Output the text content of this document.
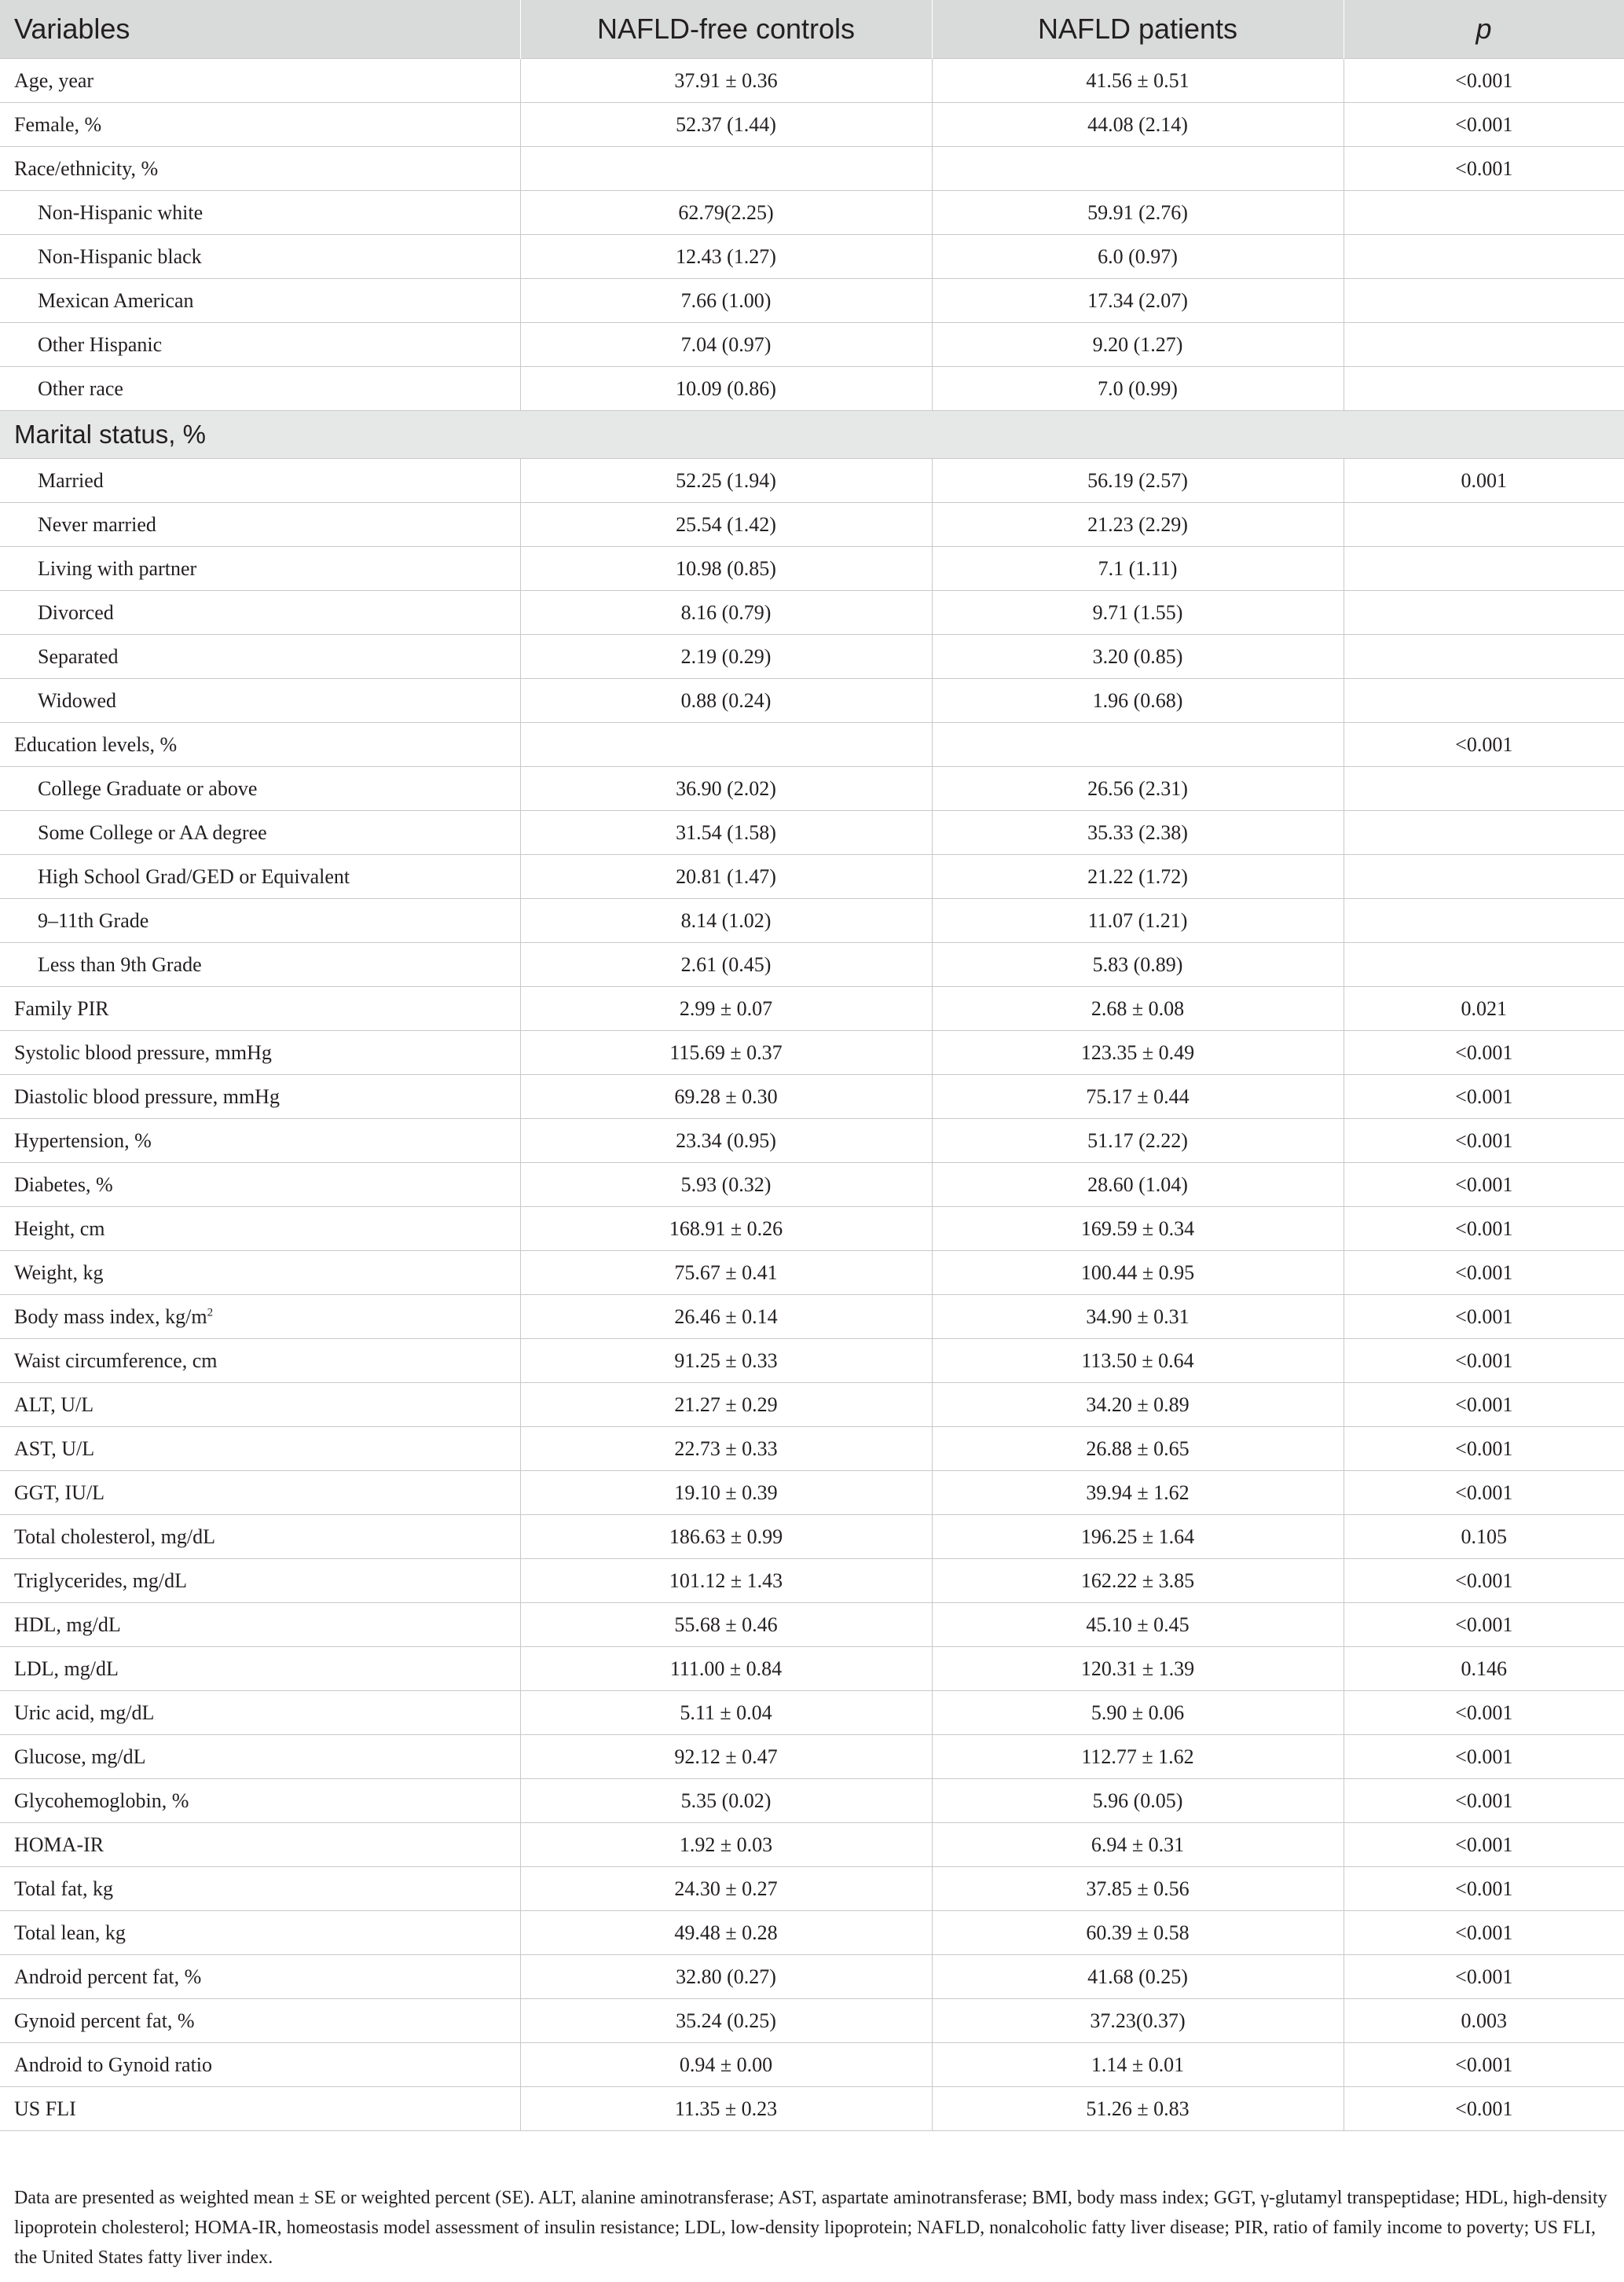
Variables	NAFLD-free controls	NAFLD patients	p
Age, year	37.91 ± 0.36	41.56 ± 0.51	<0.001
Female, %	52.37 (1.44)	44.08 (2.14)	<0.001
Race/ethnicity, %			<0.001
Non-Hispanic white	62.79(2.25)	59.91 (2.76)	
Non-Hispanic black	12.43 (1.27)	6.0 (0.97)	
Mexican American	7.66 (1.00)	17.34 (2.07)	
Other Hispanic	7.04 (0.97)	9.20 (1.27)	
Other race	10.09 (0.86)	7.0 (0.99)	
Marital status, %			
Married	52.25 (1.94)	56.19 (2.57)	0.001
Never married	25.54 (1.42)	21.23 (2.29)	
Living with partner	10.98 (0.85)	7.1 (1.11)	
Divorced	8.16 (0.79)	9.71 (1.55)	
Separated	2.19 (0.29)	3.20 (0.85)	
Widowed	0.88 (0.24)	1.96 (0.68)	
Education levels, %			<0.001
College Graduate or above	36.90 (2.02)	26.56 (2.31)	
Some College or AA degree	31.54 (1.58)	35.33 (2.38)	
High School Grad/GED or Equivalent	20.81 (1.47)	21.22 (1.72)	
9–11th Grade	8.14 (1.02)	11.07 (1.21)	
Less than 9th Grade	2.61 (0.45)	5.83 (0.89)	
Family PIR	2.99 ± 0.07	2.68 ± 0.08	0.021
Systolic blood pressure, mmHg	115.69 ± 0.37	123.35 ± 0.49	<0.001
Diastolic blood pressure, mmHg	69.28 ± 0.30	75.17 ± 0.44	<0.001
Hypertension, %	23.34 (0.95)	51.17 (2.22)	<0.001
Diabetes, %	5.93 (0.32)	28.60 (1.04)	<0.001
Height, cm	168.91 ± 0.26	169.59 ± 0.34	<0.001
Weight, kg	75.67 ± 0.41	100.44 ± 0.95	<0.001
Body mass index, $kg/m^2$	26.46 ± 0.14	34.90 ± 0.31	<0.001
Waist circumference, cm	91.25 ± 0.33	113.50 ± 0.64	<0.001
ALT, U/L	21.27 ± 0.29	34.20 ± 0.89	<0.001
AST, U/L	22.73 ± 0.33	26.88 ± 0.65	<0.001
GGT, IU/L	19.10 ± 0.39	39.94 ± 1.62	<0.001
Total cholesterol, mg/dL	186.63 ± 0.99	196.25 ± 1.64	0.105
Triglycerides, mg/dL	101.12 ± 1.43	162.22 ± 3.85	<0.001
HDL, mg/dL	55.68 ± 0.46	45.10 ± 0.45	<0.001
LDL, mg/dL	111.00 ± 0.84	120.31 ± 1.39	0.146
Uric acid, mg/dL	5.11 ± 0.04	5.90 ± 0.06	<0.001
Glucose, mg/dL	92.12 ± 0.47	112.77 ± 1.62	<0.001
Glycohemoglobin, %	5.35 (0.02)	5.96 (0.05)	<0.001
HOMA-IR	1.92 ± 0.03	6.94 ± 0.31	<0.001
Total fat, kg	24.30 ± 0.27	37.85 ± 0.56	<0.001
Total lean, kg	49.48 ± 0.28	60.39 ± 0.58	<0.001
Android percent fat, %	32.80 (0.27)	41.68 (0.25)	<0.001
Gynoid percent fat, %	35.24 (0.25)	37.23(0.37)	0.003
Android to Gynoid ratio	0.94 ± 0.00	1.14 ± 0.01	<0.001
US FLI	11.35 ± 0.23	51.26 ± 0.83	<0.001

Data are presented as weighted mean ± SE or weighted percent (SE). ALT, alanine aminotransferase; AST, aspartate aminotransferase; BMI, body mass index; GGT, γ-glutamyl transpeptidase; HDL, high-density lipoprotein cholesterol; HOMA-IR, homeostasis model assessment of insulin resistance; LDL, low-density lipoprotein; NAFLD, nonalcoholic fatty liver disease; PIR, ratio of family income to poverty; US FLI, the United States fatty liver index.
